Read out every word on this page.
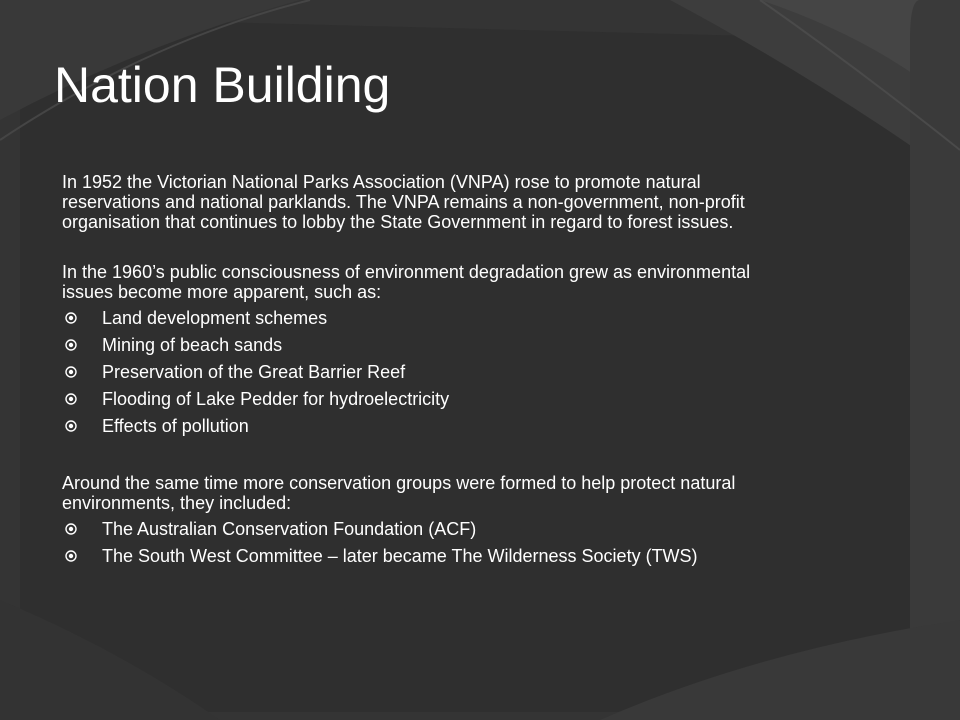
Nation Building

In 1952 the Victorian National Parks Association (VNPA) rose to promote natural reservations and national parklands. The VNPA remains a non-government, non-profit organisation that continues to lobby the State Government in regard to forest issues.

In the 1960’s public consciousness of environment degradation grew as environmental issues become more apparent, such as:

Land development schemes
Mining of beach sands
Preservation of the Great Barrier Reef
Flooding of Lake Pedder for hydroelectricity
Effects of pollution

Around the same time more conservation groups were formed to help protect natural environments, they included:

The Australian Conservation Foundation (ACF)
The South West Committee – later became The Wilderness Society (TWS)
